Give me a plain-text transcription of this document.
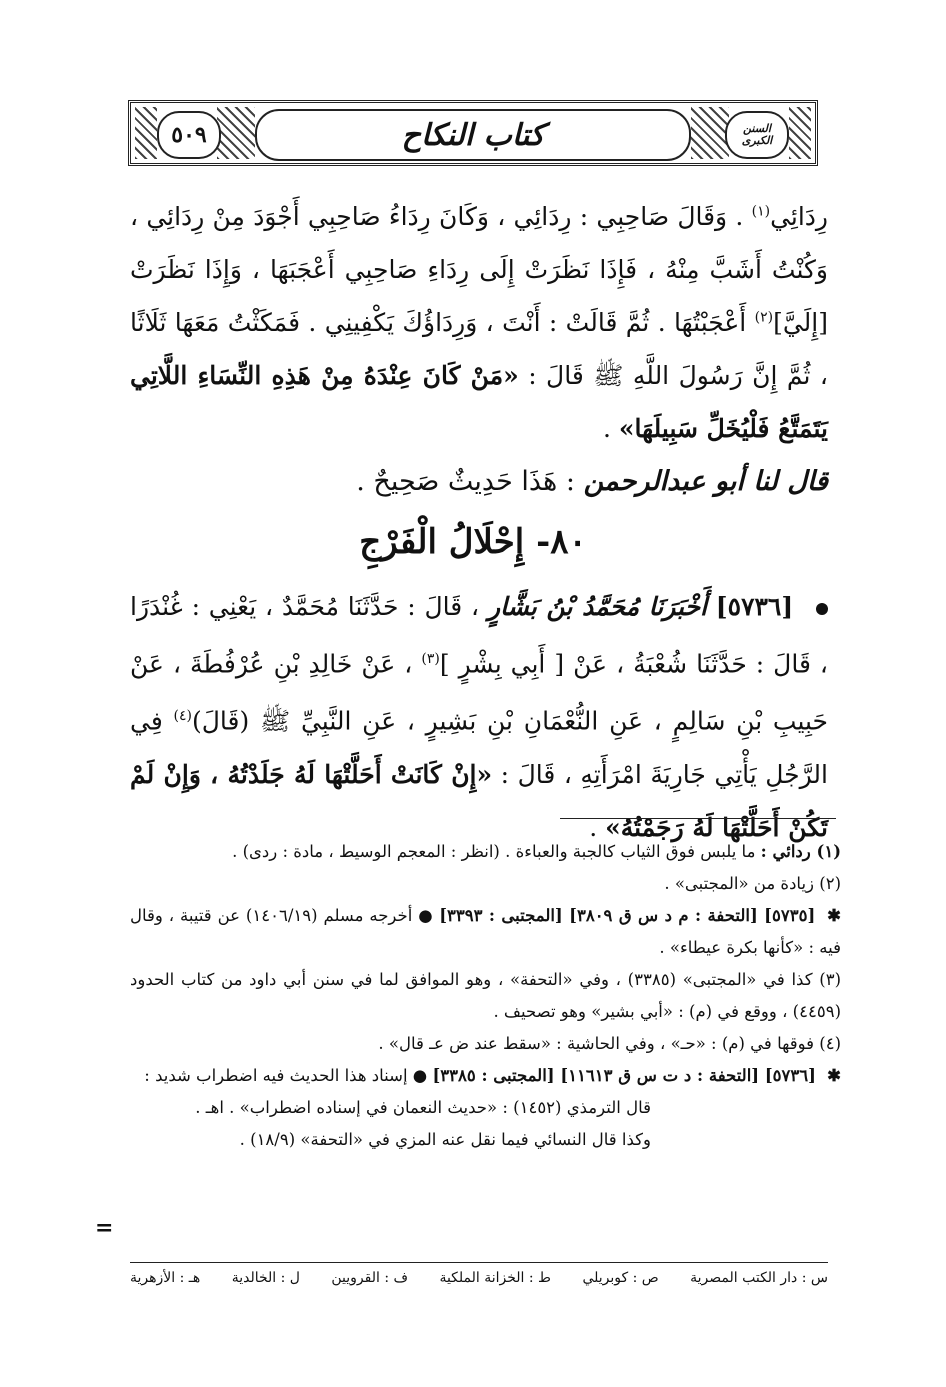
٥٠٩	كتاب النكاح	السنن الكبرى

رِدَائِي$^{(١)}$ . وَقَالَ صَاحِبِي : رِدَائِي ، وَكَانَ رِدَاءُ صَاحِبِي أَجْوَدَ مِنْ رِدَائِي ، وَكُنْتُ أَشَبَّ مِنْهُ ، فَإِذَا نَظَرَتْ إِلَى رِدَاءِ صَاحِبِي أَعْجَبَهَا ، وَإِذَا نَظَرَتْ [إِلَيَّ]$^{(٢)}$ أَعْجَبْتُهَا . ثُمَّ قَالَتْ : أَنْتَ ، وَرِدَاؤُكَ يَكْفِينِي . فَمَكَثْتُ مَعَهَا ثَلَاثًا ، ثُمَّ إِنَّ رَسُولَ اللَّهِ ﷺ قَالَ : «مَنْ كَانَ عِنْدَهُ مِنْ هَذِهِ النِّسَاءِ اللَّاتِي يَتَمَتَّعُ فَلْيُخَلِّ سَبِيلَهَا» .

قال لنا أبو عبدالرحمن : هَذَا حَدِيثٌ صَحِيحٌ .

٨٠- إِحْلَالُ الْفَرْجِ

[٥٧٣٦] أَخْبَرَنَا مُحَمَّدُ بْنُ بَشَّارٍ ، قَالَ : حَدَّثَنَا مُحَمَّدٌ ، يَعْنِي : غُنْدَرًا ، قَالَ : حَدَّثَنَا شُعْبَةُ ، عَنْ [ أَبِي بِشْرٍ ]$^{(٣)}$ ، عَنْ خَالِدِ بْنِ عُرْفُطَةَ ، عَنْ حَبِيبِ بْنِ سَالِمٍ ، عَنِ النُّعْمَانِ بْنِ بَشِيرٍ ، عَنِ النَّبِيِّ ﷺ (قَالَ)$^{(٤)}$ فِي الرَّجُلِ يَأْتِي جَارِيَةَ امْرَأَتِهِ ، قَالَ : «إِنْ كَانَتْ أَحَلَّتْهَا لَهُ جَلَدْتُهُ ، وَإِنْ لَمْ تَكُنْ أَحَلَّتْهَا لَهُ رَجَمْتُهُ» .

(١) ردائي : ما يلبس فوق الثياب كالجبة والعباءة . (انظر : المعجم الوسيط ، مادة : ردى) .

(٢) زيادة من «المجتبى» .

✱ [٥٧٣٥] [التحفة : م د س ق ٣٨٠٩] [المجتبى : ٣٣٩٣] ● أخرجه مسلم (١٤٠٦/١٩) عن قتيبة ، وقال فيه : «كأنها بكرة عيطاء» .

(٣) كذا في «المجتبى» (٣٣٨٥) ، وفي «التحفة» ، وهو الموافق لما في سنن أبي داود من كتاب الحدود (٤٤٥٩) ، ووقع في (م) : «أبي بشير» وهو تصحيف .

(٤) فوقها في (م) : «حـ» ، وفي الحاشية : «سقط عند ض عـ قال» .

✱ [٥٧٣٦] [التحفة : د ت س ق ١١٦١٣] [المجتبى : ٣٣٨٥] ● إسناد هذا الحديث فيه اضطراب شديد :

قال الترمذي (١٤٥٢) : «حديث النعمان في إسناده اضطراب» . اهـ .

وكذا قال النسائي فيما نقل عنه المزي في «التحفة» (١٨/٩) .

=
س : دار الكتب المصرية
ص : كوبريلي
ط : الخزانة الملكية
ف : القرويين
ل : الخالدية
هـ : الأزهرية
